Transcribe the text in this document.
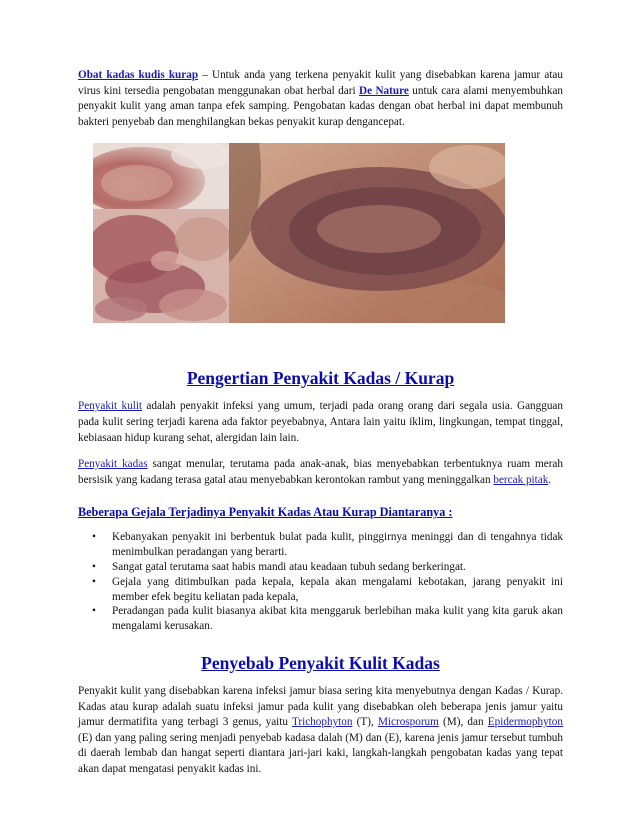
Obat kadas kudis kurap – Untuk anda yang terkena penyakit kulit yang disebabkan karena jamur atau virus kini tersedia pengobatan menggunakan obat herbal dari De Nature untuk cara alami menyembuhkan penyakit kulit yang aman tanpa efek samping. Pengobatan kadas dengan obat herbal ini dapat membunuh bakteri penyebab dan menghilangkan bekas penyakit kurap dengancepat.

Pengertian Penyakit Kadas / Kurap

Penyakit kulit adalah penyakit infeksi yang umum, terjadi pada orang orang dari segala usia. Gangguan pada kulit sering terjadi karena ada faktor peyebabnya, Antara lain yaitu iklim, lingkungan, tempat tinggal, kebiasaan hidup kurang sehat, alergidan lain lain.

Penyakit kadas sangat menular, terutama pada anak-anak, bias menyebabkan terbentuknya ruam merah bersisik yang kadang terasa gatal atau menyebabkan kerontokan rambut yang meninggalkan bercak pitak.

Beberapa Gejala Terjadinya Penyakit Kadas Atau Kurap Diantaranya :
• Kebanyakan penyakit ini berbentuk bulat pada kulit, pinggirnya meninggi dan di tengahnya tidak menimbulkan peradangan yang berarti.
• Sangat gatal terutama saat habis mandi atau keadaan tubuh sedang berkeringat.
• Gejala yang ditimbulkan pada kepala, kepala akan mengalami kebotakan, jarang penyakit ini member efek begitu keliatan pada kepala,
• Peradangan pada kulit biasanya akibat kita menggaruk berlebihan maka kulit yang kita garuk akan mengalami kerusakan.
Penyebab Penyakit Kulit Kadas

Penyakit kulit yang disebabkan karena infeksi jamur biasa sering kita menyebutnya dengan Kadas / Kurap. Kadas atau kurap adalah suatu infeksi jamur pada kulit yang disebabkan oleh beberapa jenis jamur yaitu jamur dermatifita yang terbagi 3 genus, yaitu Trichophyton (T), Microsporum (M), dan Epidermophyton (E) dan yang paling sering menjadi penyebab kadasa dalah (M) dan (E), karena jenis jamur tersebut tumbuh di daerah lembab dan hangat seperti diantara jari-jari kaki, langkah-langkah pengobatan kadas yang tepat akan dapat mengatasi penyakit kadas ini.
